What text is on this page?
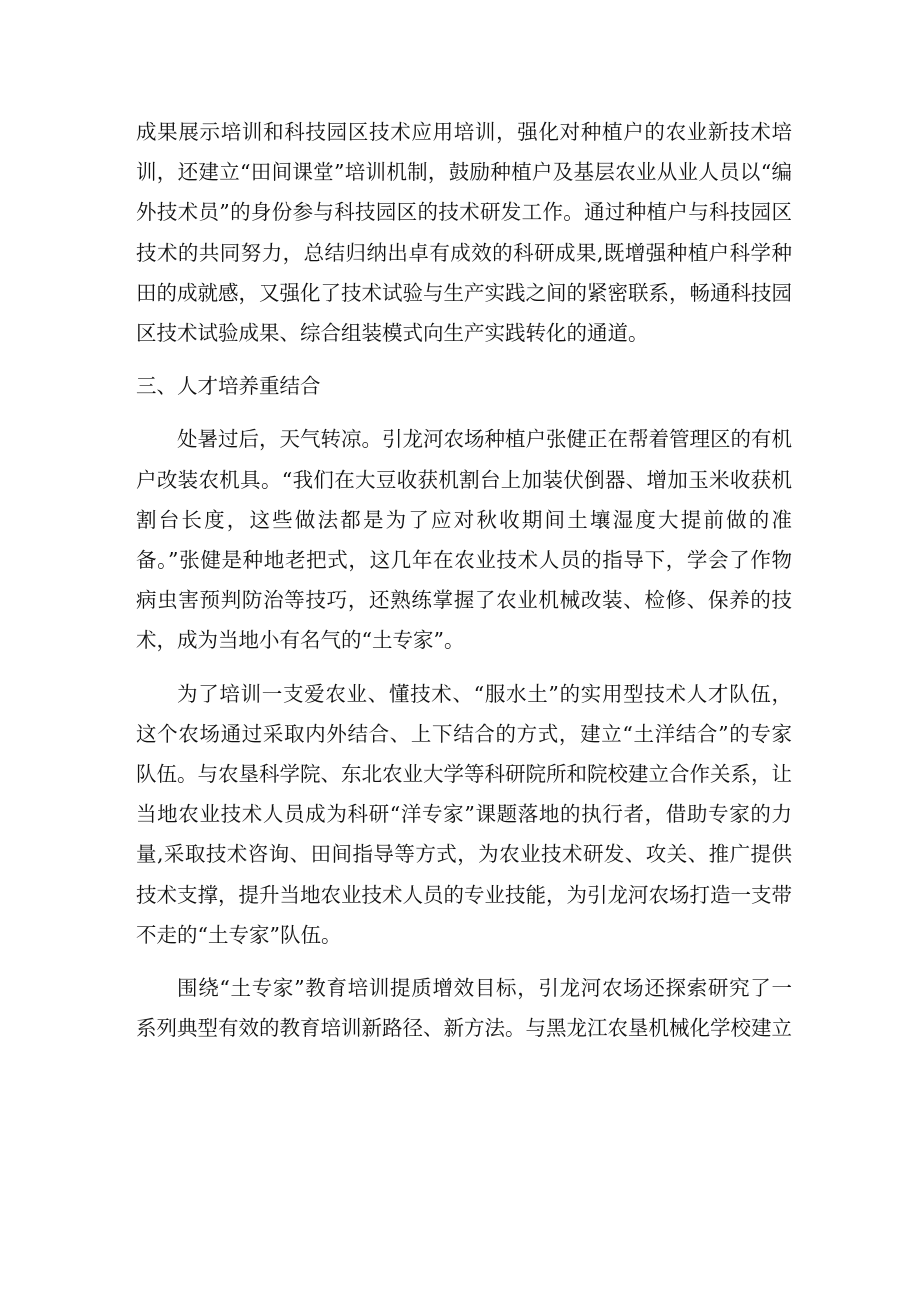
成果展示培训和科技园区技术应用培训，强化对种植户的农业新技术培训，还建立“田间课堂”培训机制，鼓励种植户及基层农业从业人员以“编外技术员”的身份参与科技园区的技术研发工作。通过种植户与科技园区技术的共同努力，总结归纳出卓有成效的科研成果,既增强种植户科学种田的成就感，又强化了技术试验与生产实践之间的紧密联系，畅通科技园区技术试验成果、综合组装模式向生产实践转化的通道。

三、人才培养重结合

处暑过后，天气转凉。引龙河农场种植户张健正在帮着管理区的有机户改装农机具。“我们在大豆收获机割台上加装伏倒器、增加玉米收获机割台长度，这些做法都是为了应对秋收期间土壤湿度大提前做的准备。”张健是种地老把式，这几年在农业技术人员的指导下，学会了作物病虫害预判防治等技巧，还熟练掌握了农业机械改装、检修、保养的技术，成为当地小有名气的“土专家”。

为了培训一支爱农业、懂技术、“服水土”的实用型技术人才队伍，这个农场通过采取内外结合、上下结合的方式，建立“土洋结合”的专家队伍。与农垦科学院、东北农业大学等科研院所和院校建立合作关系，让当地农业技术人员成为科研“洋专家”课题落地的执行者，借助专家的力量,采取技术咨询、田间指导等方式，为农业技术研发、攻关、推广提供技术支撑，提升当地农业技术人员的专业技能，为引龙河农场打造一支带不走的“土专家”队伍。

围绕“土专家”教育培训提质增效目标，引龙河农场还探索研究了一系列典型有效的教育培训新路径、新方法。与黑龙江农垦机械化学校建立
